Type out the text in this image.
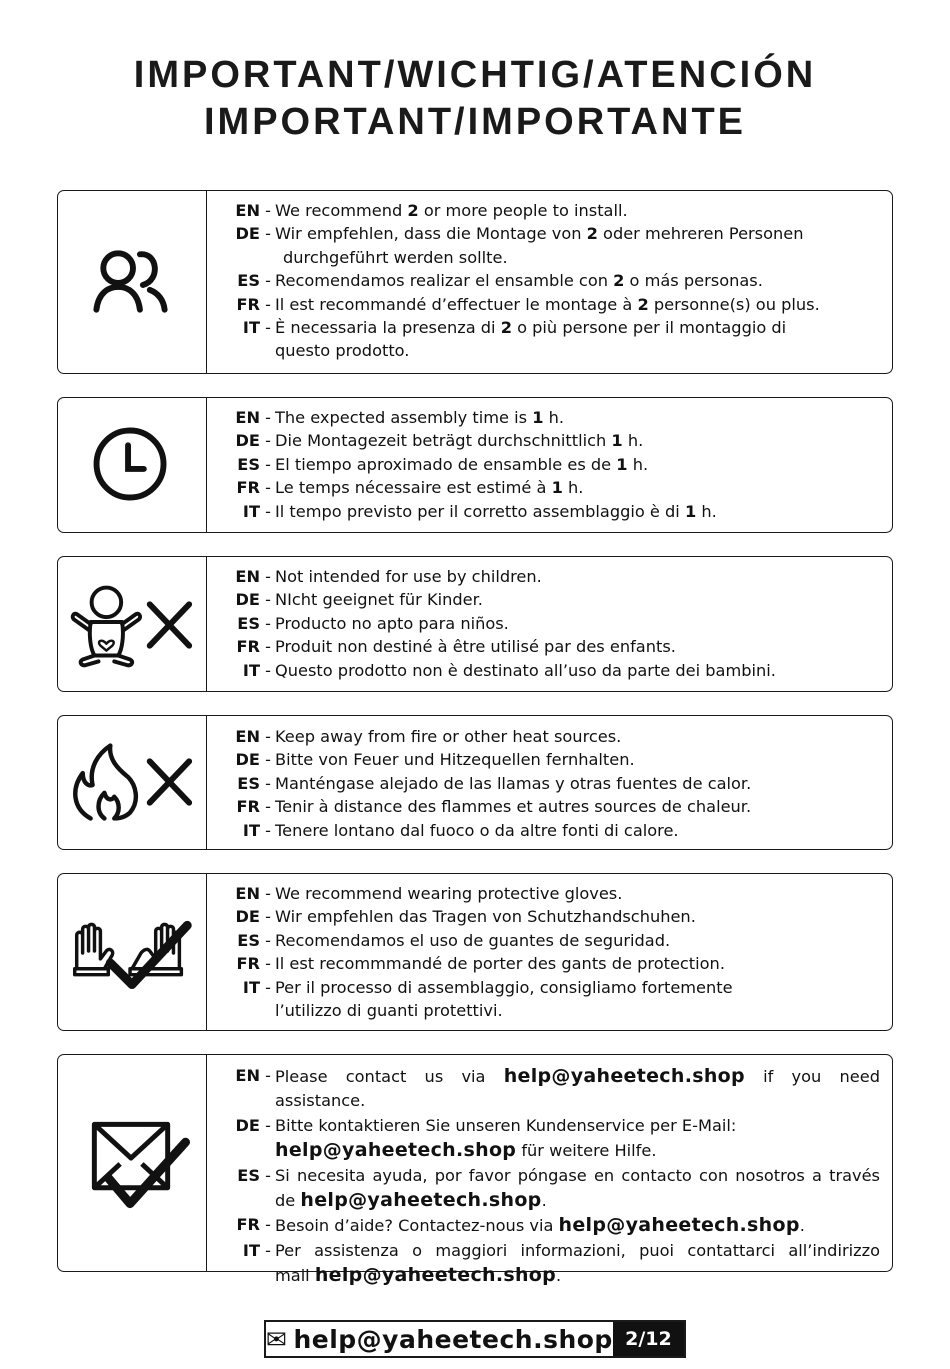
IMPORTANT/WICHTIG/ATENCIÓN
IMPORTANT/IMPORTANTE
EN - We recommend 2 or more people to install.
DE - Wir empfehlen, dass die Montage von 2 oder mehreren Personen
durchgeführt werden sollte.
ES - Recomendamos realizar el ensamble con 2 o más personas.
FR - Il est recommandé d’effectuer le montage à 2 personne(s) ou plus.
IT - È necessaria la presenza di 2 o più persone per il montaggio di
questo prodotto.
EN - The expected assembly time is 1 h.
DE - Die Montagezeit beträgt durchschnittlich 1 h.
ES - El tiempo aproximado de ensamble es de 1 h.
FR - Le temps nécessaire est estimé à 1 h.
IT - Il tempo previsto per il corretto assemblaggio è di 1 h.
EN - Not intended for use by children.
DE - NIcht geeignet für Kinder.
ES - Producto no apto para niños.
FR - Produit non destiné à être utilisé par des enfants.
IT - Questo prodotto non è destinato all’uso da parte dei bambini.
EN - Keep away from fire or other heat sources.
DE - Bitte von Feuer und Hitzequellen fernhalten.
ES - Manténgase alejado de las llamas y otras fuentes de calor.
FR - Tenir à distance des flammes et autres sources de chaleur.
IT - Tenere lontano dal fuoco o da altre fonti di calore.
EN - We recommend wearing protective gloves.
DE - Wir empfehlen das Tragen von Schutzhandschuhen.
ES - Recomendamos el uso de guantes de seguridad.
FR - Il est recommmandé de porter des gants de protection.
IT - Per il processo di assemblaggio, consigliamo fortemente
l’utilizzo di guanti protettivi.
EN - Please contact us via help@yaheetech.shop if you need assistance.
DE - Bitte kontaktieren Sie unseren Kundenservice per E-Mail:
help@yaheetech.shop für weitere Hilfe.
ES - Si necesita ayuda, por favor póngase en contacto con nosotros a través
de help@yaheetech.shop.
FR - Besoin d’aide? Contactez-nous via help@yaheetech.shop.
IT - Per assistenza o maggiori informazioni, puoi contattarci all’indirizzo
mail help@yaheetech.shop.
✉ help@yaheetech.shop 2/12
